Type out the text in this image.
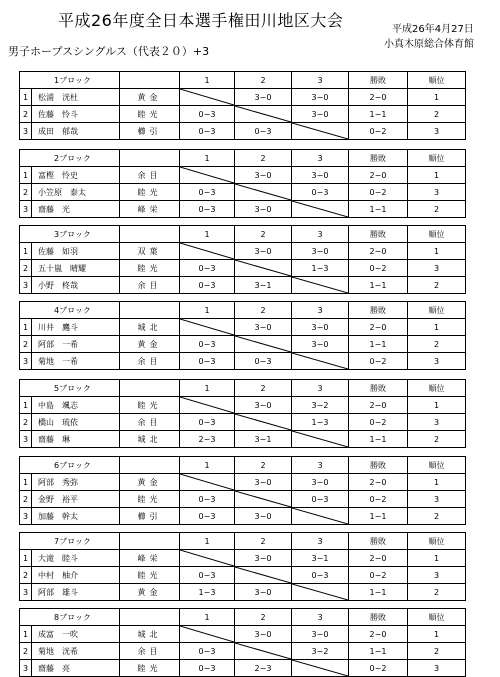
平成26年度全日本選手権田川地区大会	平成26年4月27日
小真木原総合体育館
男子ホープスシングルス（代表２０）+3
1ブロック			1	2	3	勝敗	順位
1	松浦　洸杜	黄金		3−0	3−0	2−0	1
2	佐藤　怜斗	睦光	0−3		3−0	1−1	2
3	成田　郁哉	櫛引	0−3	0−3		0−2	3
2ブロック			1	2	3	勝敗	順位
1	富樫　怜史	余目		3−0	3−0	2−0	1
2	小笠原　泰太	睦光	0−3		0−3	0−2	3
3	齋藤　光	峰栄	0−3	3−0		1−1	2
3ブロック			1	2	3	勝敗	順位
1	佐藤　如羽	双葉		3−0	3−0	2−0	1
2	五十嵐　晴耀	睦光	0−3		1−3	0−2	3
3	小野　柊哉	余目	0−3	3−1		1−1	2
4ブロック			1	2	3	勝敗	順位
1	川井　鷹斗	城北		3−0	3−0	2−0	1
2	阿部　一希	黄金	0−3		3−0	1−1	2
3	菊地　一希	余目	0−3	0−3		0−2	3
5ブロック			1	2	3	勝敗	順位
1	中島　颯志	睦光		3−0	3−2	2−0	1
2	橋山　琉依	余目	0−3		1−3	0−2	3
3	齋藤　琳	城北	2−3	3−1		1−1	2
6ブロック			1	2	3	勝敗	順位
1	阿部　秀弥	黄金		3−0	3−0	2−0	1
2	金野　裕平	睦光	0−3		0−3	0−2	3
3	加藤　幹太	櫛引	0−3	3−0		1−1	2
7ブロック			1	2	3	勝敗	順位
1	大滝　睦斗	峰栄		3−0	3−1	2−0	1
2	中村　柚介	睦光	0−3		0−3	0−2	3
3	阿部　雄斗	黄金	1−3	3−0		1−1	2
8ブロック			1	2	3	勝敗	順位
1	成富　一吹	城北		3−0	3−0	2−0	1
2	菊地　洸希	余目	0−3		3−2	1−1	2
3	齋藤　亮	睦光	0−3	2−3		0−2	3
